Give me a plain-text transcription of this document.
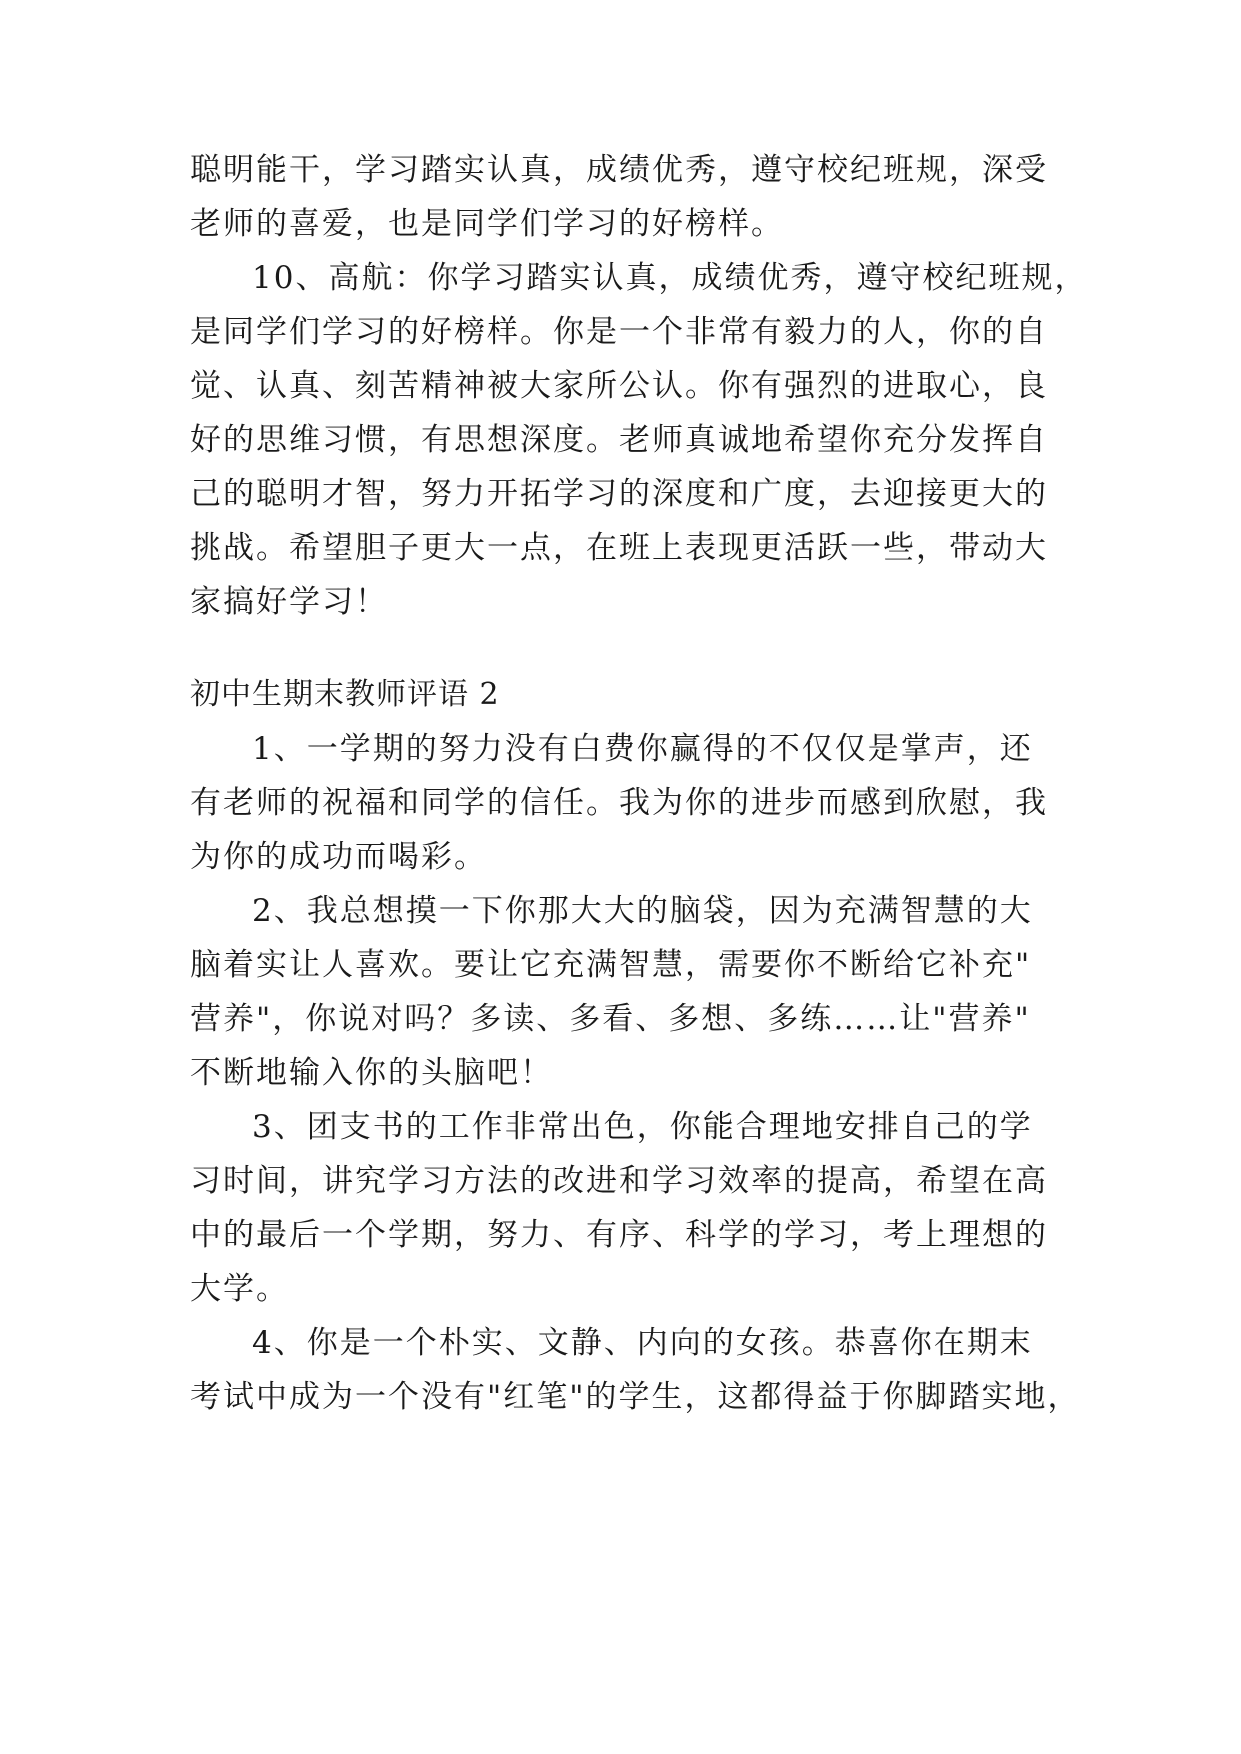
聪明能干，学习踏实认真，成绩优秀，遵守校纪班规，深受
老师的喜爱，也是同学们学习的好榜样。
10、高航：你学习踏实认真，成绩优秀，遵守校纪班规，
是同学们学习的好榜样。你是一个非常有毅力的人，你的自
觉、认真、刻苦精神被大家所公认。你有强烈的进取心，良
好的思维习惯，有思想深度。老师真诚地希望你充分发挥自
己的聪明才智，努力开拓学习的深度和广度，去迎接更大的
挑战。希望胆子更大一点，在班上表现更活跃一些，带动大
家搞好学习！
初中生期末教师评语 2
1、一学期的努力没有白费你赢得的不仅仅是掌声，还
有老师的祝福和同学的信任。我为你的进步而感到欣慰，我
为你的成功而喝彩。
2、我总想摸一下你那大大的脑袋，因为充满智慧的大
脑着实让人喜欢。要让它充满智慧，需要你不断给它补充"
营养"，你说对吗？多读、多看、多想、多练……让"营养"
不断地输入你的头脑吧！
3、团支书的工作非常出色，你能合理地安排自己的学
习时间，讲究学习方法的改进和学习效率的提高，希望在高
中的最后一个学期，努力、有序、科学的学习，考上理想的
大学。
4、你是一个朴实、文静、内向的女孩。恭喜你在期末
考试中成为一个没有"红笔"的学生，这都得益于你脚踏实地，
